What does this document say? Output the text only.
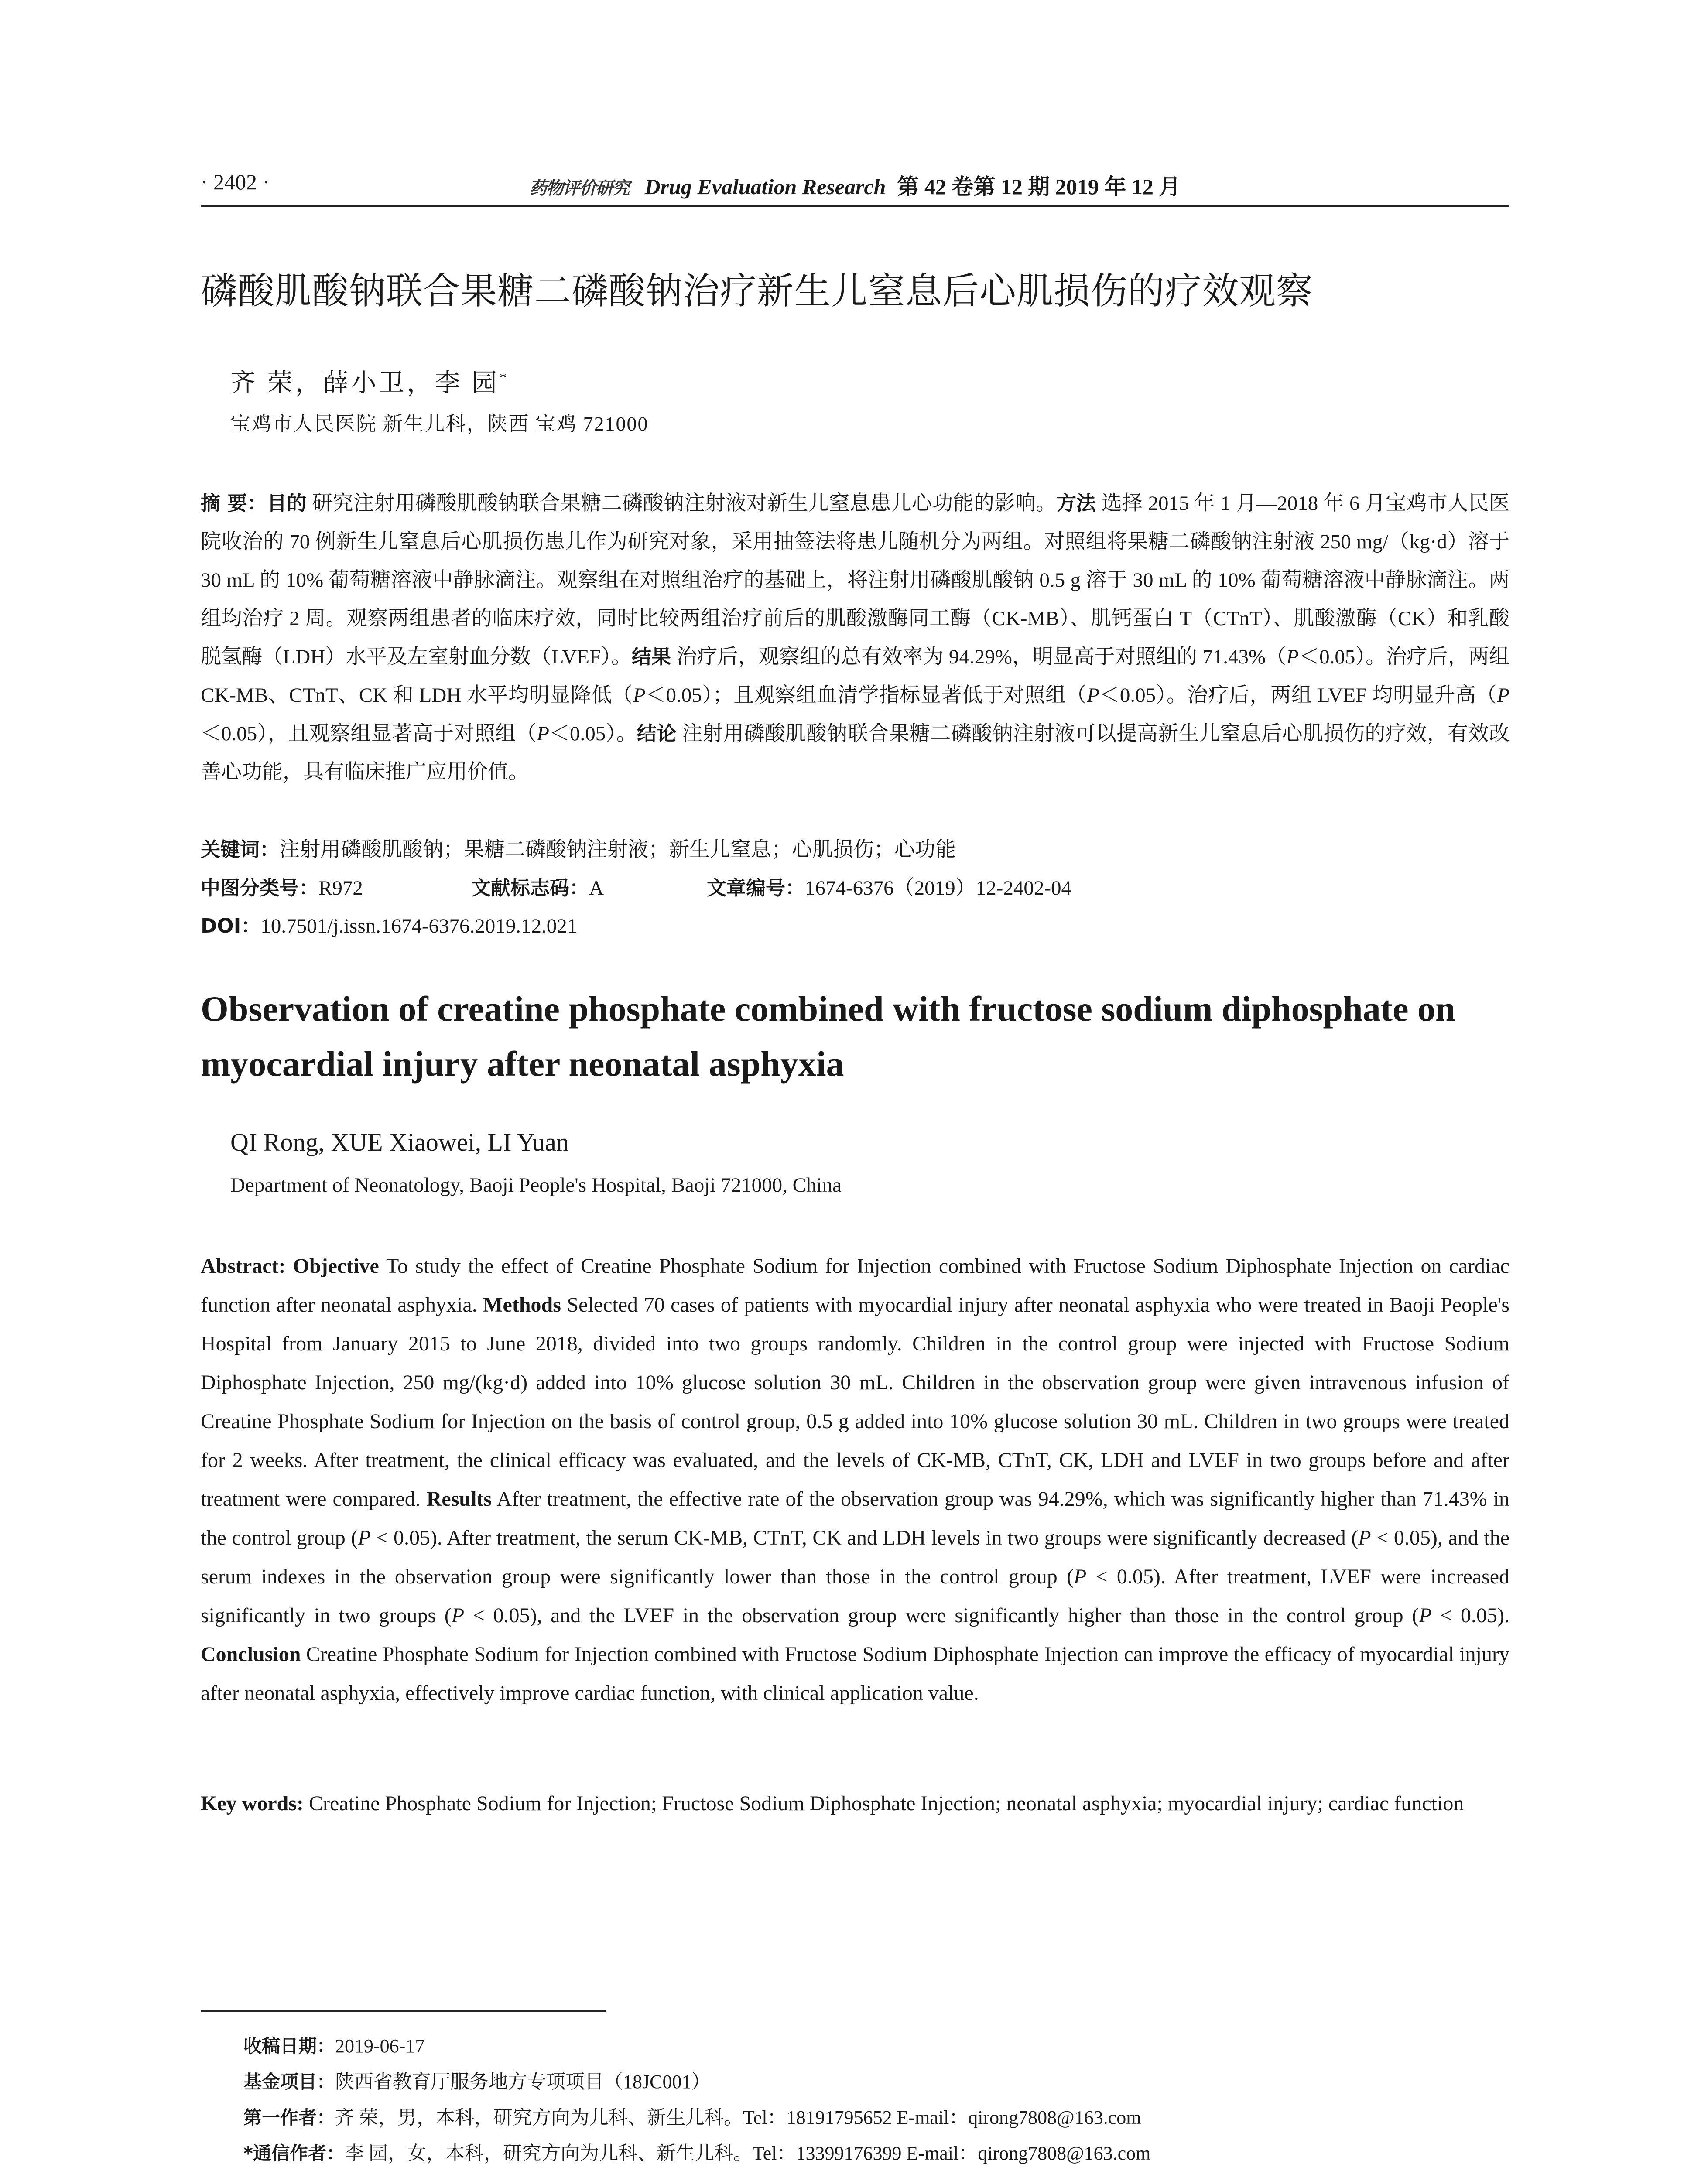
· 2402 ·	药物评价研究 Drug Evaluation Research 第 42 卷第 12 期 2019 年 12 月
磷酸肌酸钠联合果糖二磷酸钠治疗新生儿窒息后心肌损伤的疗效观察
齐 荣，薛小卫，李 园*
宝鸡市人民医院 新生儿科，陕西 宝鸡 721000
摘 要：目的 研究注射用磷酸肌酸钠联合果糖二磷酸钠注射液对新生儿窒息患儿心功能的影响。方法 选择 2015 年 1 月—2018 年 6 月宝鸡市人民医院收治的 70 例新生儿窒息后心肌损伤患儿作为研究对象，采用抽签法将患儿随机分为两组。对照组将果糖二磷酸钠注射液 250 mg/（kg·d）溶于 30 mL 的 10% 葡萄糖溶液中静脉滴注。观察组在对照组治疗的基础上，将注射用磷酸肌酸钠 0.5 g 溶于 30 mL 的 10% 葡萄糖溶液中静脉滴注。两组均治疗 2 周。观察两组患者的临床疗效，同时比较两组治疗前后的肌酸激酶同工酶（CK-MB）、肌钙蛋白 T（CTnT）、肌酸激酶（CK）和乳酸脱氢酶（LDH）水平及左室射血分数（LVEF）。结果 治疗后，观察组的总有效率为 94.29%，明显高于对照组的 71.43%（P＜0.05）。治疗后，两组 CK-MB、CTnT、CK 和 LDH 水平均明显降低（P＜0.05）；且观察组血清学指标显著低于对照组（P＜0.05）。治疗后，两组 LVEF 均明显升高（P＜0.05），且观察组显著高于对照组（P＜0.05）。结论 注射用磷酸肌酸钠联合果糖二磷酸钠注射液可以提高新生儿窒息后心肌损伤的疗效，有效改善心功能，具有临床推广应用价值。
关键词：注射用磷酸肌酸钠；果糖二磷酸钠注射液；新生儿窒息；心肌损伤；心功能
中图分类号：R972	文献标志码：A	文章编号：1674-6376（2019）12-2402-04
DOI：10.7501/j.issn.1674-6376.2019.12.021
Observation of creatine phosphate combined with fructose sodium diphosphate on myocardial injury after neonatal asphyxia
QI Rong, XUE Xiaowei, LI Yuan
Department of Neonatology, Baoji People's Hospital, Baoji 721000, China
Abstract: Objective To study the effect of Creatine Phosphate Sodium for Injection combined with Fructose Sodium Diphosphate Injection on cardiac function after neonatal asphyxia. Methods Selected 70 cases of patients with myocardial injury after neonatal asphyxia who were treated in Baoji People's Hospital from January 2015 to June 2018, divided into two groups randomly. Children in the control group were injected with Fructose Sodium Diphosphate Injection, 250 mg/(kg·d) added into 10% glucose solution 30 mL. Children in the observation group were given intravenous infusion of Creatine Phosphate Sodium for Injection on the basis of control group, 0.5 g added into 10% glucose solution 30 mL. Children in two groups were treated for 2 weeks. After treatment, the clinical efficacy was evaluated, and the levels of CK-MB, CTnT, CK, LDH and LVEF in two groups before and after treatment were compared. Results After treatment, the effective rate of the observation group was 94.29%, which was significantly higher than 71.43% in the control group (P < 0.05). After treatment, the serum CK-MB, CTnT, CK and LDH levels in two groups were significantly decreased (P < 0.05), and the serum indexes in the observation group were significantly lower than those in the control group (P < 0.05). After treatment, LVEF were increased significantly in two groups (P < 0.05), and the LVEF in the observation group were significantly higher than those in the control group (P < 0.05). Conclusion Creatine Phosphate Sodium for Injection combined with Fructose Sodium Diphosphate Injection can improve the efficacy of myocardial injury after neonatal asphyxia, effectively improve cardiac function, with clinical application value.
Key words: Creatine Phosphate Sodium for Injection; Fructose Sodium Diphosphate Injection; neonatal asphyxia; myocardial injury; cardiac function
收稿日期：2019-06-17
基金项目：陕西省教育厅服务地方专项项目（18JC001）
第一作者：齐 荣，男，本科，研究方向为儿科、新生儿科。Tel：18191795652 E-mail：qirong7808@163.com
*通信作者：李 园，女，本科，研究方向为儿科、新生儿科。Tel：13399176399 E-mail：qirong7808@163.com
